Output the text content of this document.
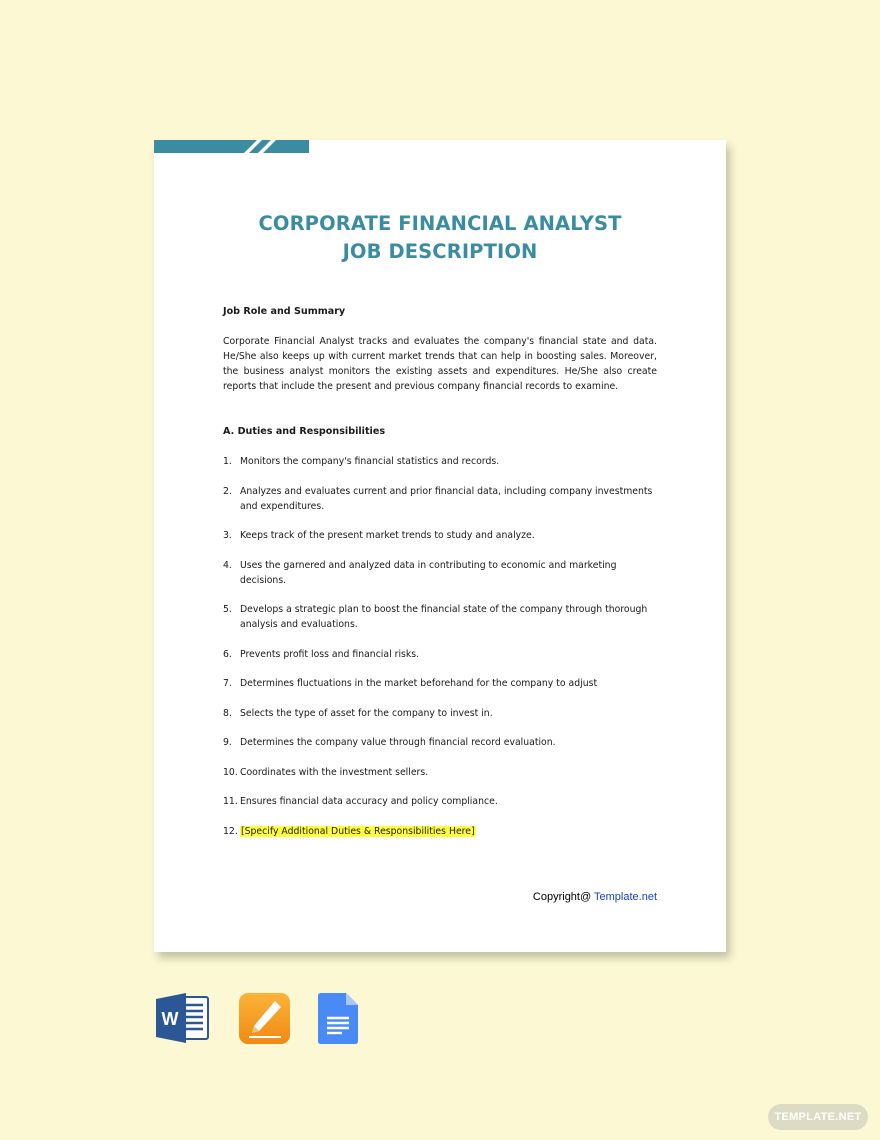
CORPORATE FINANCIAL ANALYST
JOB DESCRIPTION
Job Role and Summary

Corporate Financial Analyst tracks and evaluates the company's financial state and data. He/She also keeps up with current market trends that can help in boosting sales. Moreover, the business analyst monitors the existing assets and expenditures. He/She also create reports that include the present and previous company financial records to examine.

A. Duties and Responsibilities
1. Monitors the company's financial statistics and records.
2. Analyzes and evaluates current and prior financial data, including company investments and expenditures.
3. Keeps track of the present market trends to study and analyze.
4. Uses the garnered and analyzed data in contributing to economic and marketing decisions.
5. Develops a strategic plan to boost the financial state of the company through thorough analysis and evaluations.
6. Prevents profit loss and financial risks.
7. Determines fluctuations in the market beforehand for the company to adjust
8. Selects the type of asset for the company to invest in.
9. Determines the company value through financial record evaluation.
10. Coordinates with the investment sellers.
11. Ensures financial data accuracy and policy compliance.
12. [Specify Additional Duties & Responsibilities Here]
Copyright@ Template.net
W
TEMPLATE.NET
